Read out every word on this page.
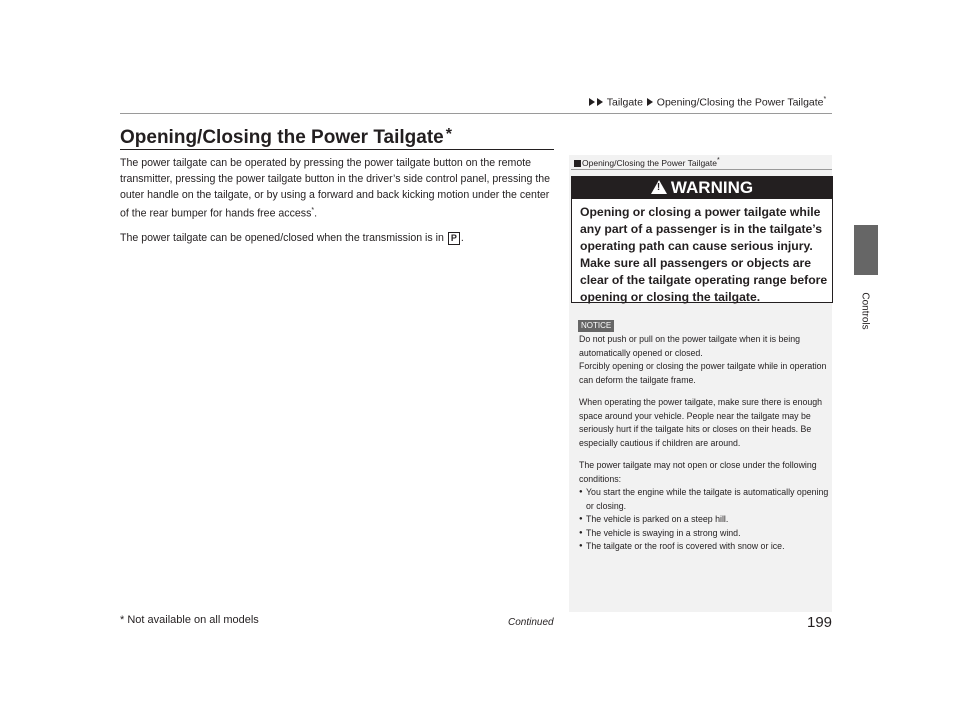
Tailgate Opening/Closing the Power Tailgate*
Controls
Opening/Closing the Power Tailgate *

The power tailgate can be operated by pressing the power tailgate button on the remote transmitter, pressing the power tailgate button in the driver’s side control panel, pressing the outer handle on the tailgate, or by using a forward and back kicking motion under the center of the rear bumper for hands free access*.

The power tailgate can be opened/closed when the transmission is in P .

Opening/Closing the Power Tailgate*
!WARNING
Opening or closing a power tailgate while any part of a passenger is in the tailgate’s operating path can cause serious injury. Make sure all passengers or objects are clear of the tailgate operating range before opening or closing the tailgate.
NOTICE

Do not push or pull on the power tailgate when it is being automatically opened or closed.
Forcibly opening or closing the power tailgate while in operation can deform the tailgate frame.

When operating the power tailgate, make sure there is enough space around your vehicle. People near the tailgate may be seriously hurt if the tailgate hits or closes on their heads. Be especially cautious if children are around.

The power tailgate may not open or close under the following conditions:

● You start the engine while the tailgate is automatically opening or closing.
● The vehicle is parked on a steep hill.
● The vehicle is swaying in a strong wind.
● The tailgate or the roof is covered with snow or ice.
Continued	199
* Not available on all models
